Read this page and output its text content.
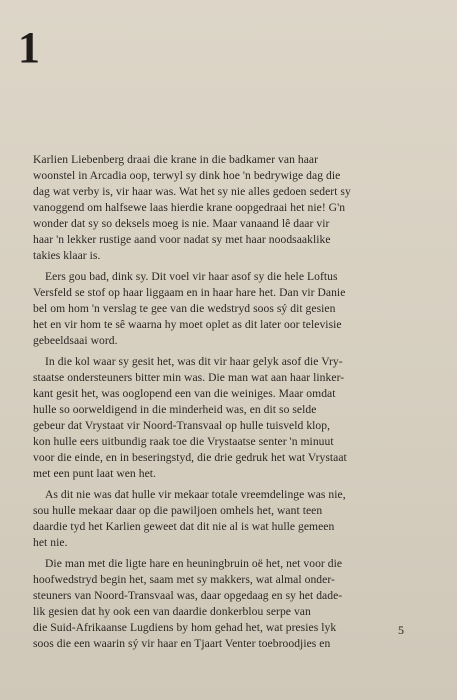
1
Karlien Liebenberg draai die krane in die badkamer van haar
woonstel in Arcadia oop, terwyl sy dink hoe 'n bedrywige dag die
dag wat verby is, vir haar was. Wat het sy nie alles gedoen sedert sy
vanoggend om halfsewe laas hierdie krane oopgedraai het nie! G'n
wonder dat sy so deksels moeg is nie. Maar vanaand lê daar vir
haar 'n lekker rustige aand voor nadat sy met haar noodsaaklike
takies klaar is.
Eers gou bad, dink sy. Dit voel vir haar asof sy die hele Loftus
Versfeld se stof op haar liggaam en in haar hare het. Dan vir Danie
bel om hom 'n verslag te gee van die wedstryd soos sý dit gesien
het en vir hom te sê waarna hy moet oplet as dit later oor televisie
gebeeldsaai word.
In die kol waar sy gesit het, was dit vir haar gelyk asof die Vry-
staatse ondersteuners bitter min was. Die man wat aan haar linker-
kant gesit het, was ooglopend een van die weiniges. Maar omdat
hulle so oorweldigend in die minderheid was, en dit so selde
gebeur dat Vrystaat vir Noord-Transvaal op hulle tuisveld klop,
kon hulle eers uitbundig raak toe die Vrystaatse senter 'n minuut
voor die einde, en in beseringstyd, die drie gedruk het wat Vrystaat
met een punt laat wen het.
As dit nie was dat hulle vir mekaar totale vreemdelinge was nie,
sou hulle mekaar daar op die pawiljoen omhels het, want teen
daardie tyd het Karlien geweet dat dit nie al is wat hulle gemeen
het nie.
Die man met die ligte hare en heuningbruin oë het, net voor die
hoofwedstryd begin het, saam met sy makkers, wat almal onder-
steuners van Noord-Transvaal was, daar opgedaag en sy het dade-
lik gesien dat hy ook een van daardie donkerblou serpe van
die Suid-Afrikaanse Lugdiens by hom gehad het, wat presies lyk
soos die een waarin sý vir haar en Tjaart Venter toebroodjies en
5
